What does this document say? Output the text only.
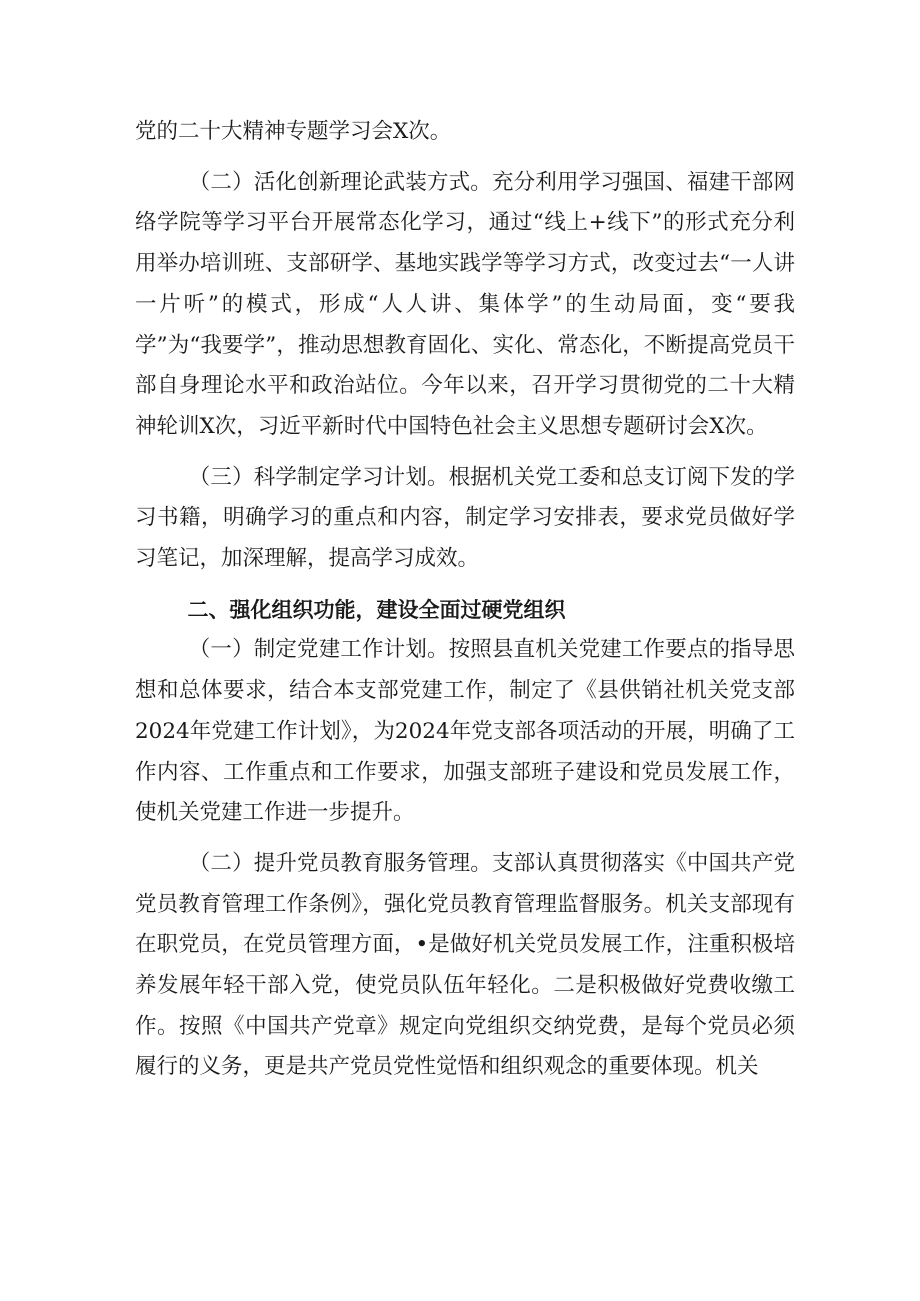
党的二十大精神专题学习会X次。

（二）活化创新理论武装方式。充分利用学习强国、福建干部网络学院等学习平台开展常态化学习，通过“线上+线下”的形式充分利用举办培训班、支部研学、基地实践学等学习方式，改变过去“一人讲一片听”的模式，形成“人人讲、集体学”的生动局面，变“要我学”为“我要学”，推动思想教育固化、实化、常态化，不断提高党员干部自身理论水平和政治站位。今年以来，召开学习贯彻党的二十大精神轮训X次，习近平新时代中国特色社会主义思想专题研讨会X次。

（三）科学制定学习计划。根据机关党工委和总支订阅下发的学习书籍，明确学习的重点和内容，制定学习安排表，要求党员做好学习笔记，加深理解，提高学习成效。

二、强化组织功能，建设全面过硬党组织

（一）制定党建工作计划。按照县直机关党建工作要点的指导思想和总体要求，结合本支部党建工作，制定了《县供销社机关党支部2024年党建工作计划》，为2024年党支部各项活动的开展，明确了工作内容、工作重点和工作要求，加强支部班子建设和党员发展工作，使机关党建工作进一步提升。

（二）提升党员教育服务管理。支部认真贯彻落实《中国共产党党员教育管理工作条例》，强化党员教育管理监督服务。机关支部现有在职党员，在党员管理方面，•是做好机关党员发展工作，注重积极培养发展年轻干部入党，使党员队伍年轻化。二是积极做好党费收缴工作。按照《中国共产党章》规定向党组织交纳党费，是每个党员必须履行的义务，更是共产党员党性觉悟和组织观念的重要体现。机关
